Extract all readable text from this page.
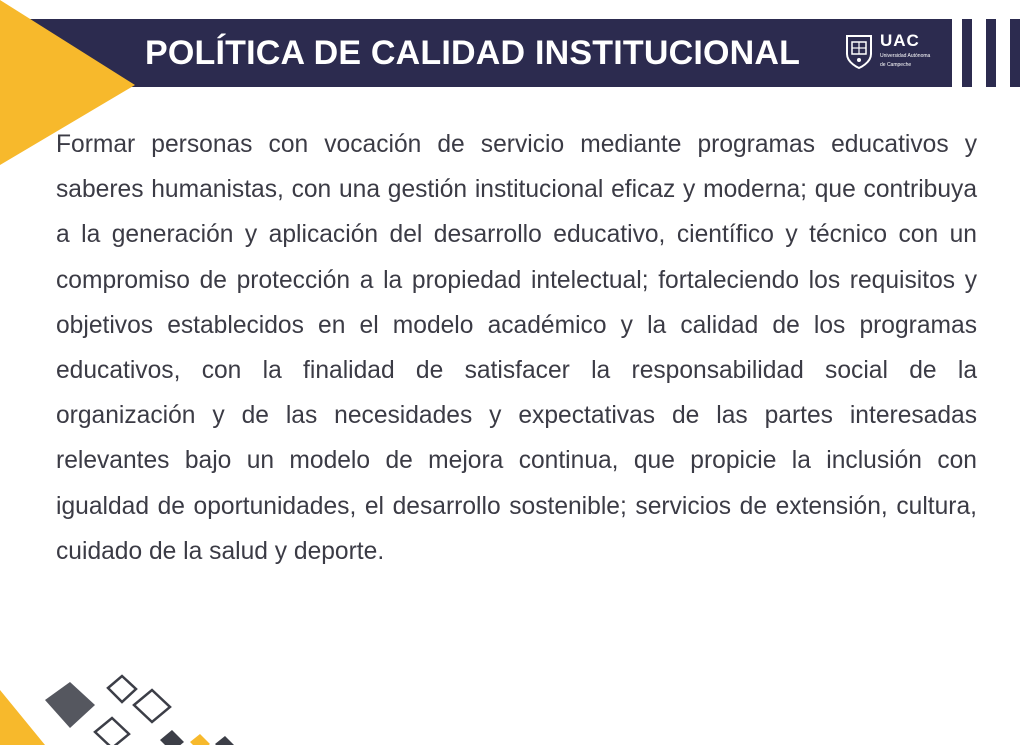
POLÍTICA DE CALIDAD INSTITUCIONAL	UAC
Universidad Autónoma
de Campeche

Formar personas con vocación de servicio mediante programas educativos y saberes humanistas, con una gestión institucional eficaz y moderna; que contribuya a la generación y aplicación del desarrollo educativo, científico y técnico con un compromiso de protección a la propiedad intelectual; fortaleciendo los requisitos y objetivos establecidos en el modelo académico y la calidad de los programas educativos, con la finalidad de satisfacer la responsabilidad social de la organización y de las necesidades y expectativas de las partes interesadas relevantes bajo un modelo de mejora continua, que propicie la inclusión con igualdad de oportunidades, el desarrollo sostenible; servicios de extensión, cultura, cuidado de la salud y deporte.
